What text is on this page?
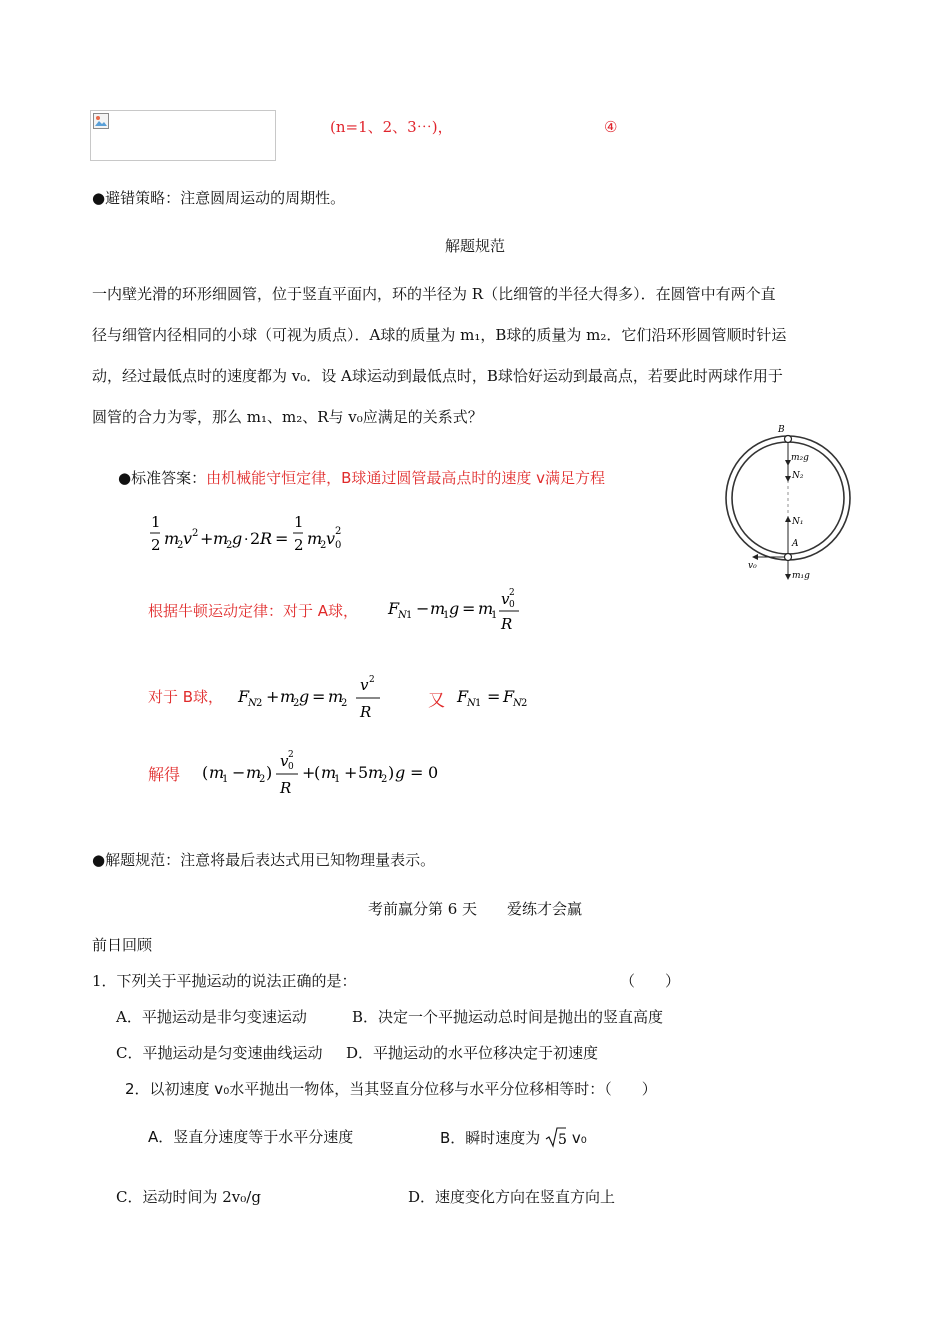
(n=1、2、3⋯)，	④
●避错策略：注意圆周运动的周期性。
解题规范
一内壁光滑的环形细圆管，位于竖直平面内，环的半径为 R（比细管的半径大得多）．在圆管中有两个直
径与细管内径相同的小球（可视为质点）．A球的质量为 m₁，B球的质量为 m₂．它们沿环形圆管顺时针运
动，经过最低点时的速度都为 v₀．设 A球运动到最低点时，B球恰好运动到最高点，若要此时两球作用于
圆管的合力为零，那么 m₁、m₂、R与 v₀应满足的关系式？
●标准答案：由机械能守恒定律，B球通过圆管最高点时的速度 v满足方程
1
2 m
2 v 2 + m
2 g · 2 R =
1
2 m
2 v 0
2
根据牛顿运动定律：对于 A球， F
N 1 − m
1 g = m
1
v 0
2
R
对于 B球， F
N 2 + m
2 g = m
2
v 2
R
又 F
N 1 = F
N 2
解得 ( m
1 − m
2 )
v 0
2
R
+
( m
1 + 5 m
2 ) g = 0
B
m₂g
N₂
N₁
A
v₀
m₁g
●解题规范：注意将最后表达式用已知物理量表示。
考前赢分第 6 天　　爱练才会赢
前日回顾
1．下列关于平抛运动的说法正确的是：	（　　）
A．平抛运动是非匀变速运动	B．决定一个平抛运动总时间是抛出的竖直高度
C．平抛运动是匀变速曲线运动 D．平抛运动的水平位移决定于初速度
2．以初速度 v₀水平抛出一物体，当其竖直分位移与水平分位移相等时：（　　）
A．竖直分速度等于水平分速度	B．瞬时速度为 5 v₀
C．运动时间为 2v₀/g	D．速度变化方向在竖直方向上
